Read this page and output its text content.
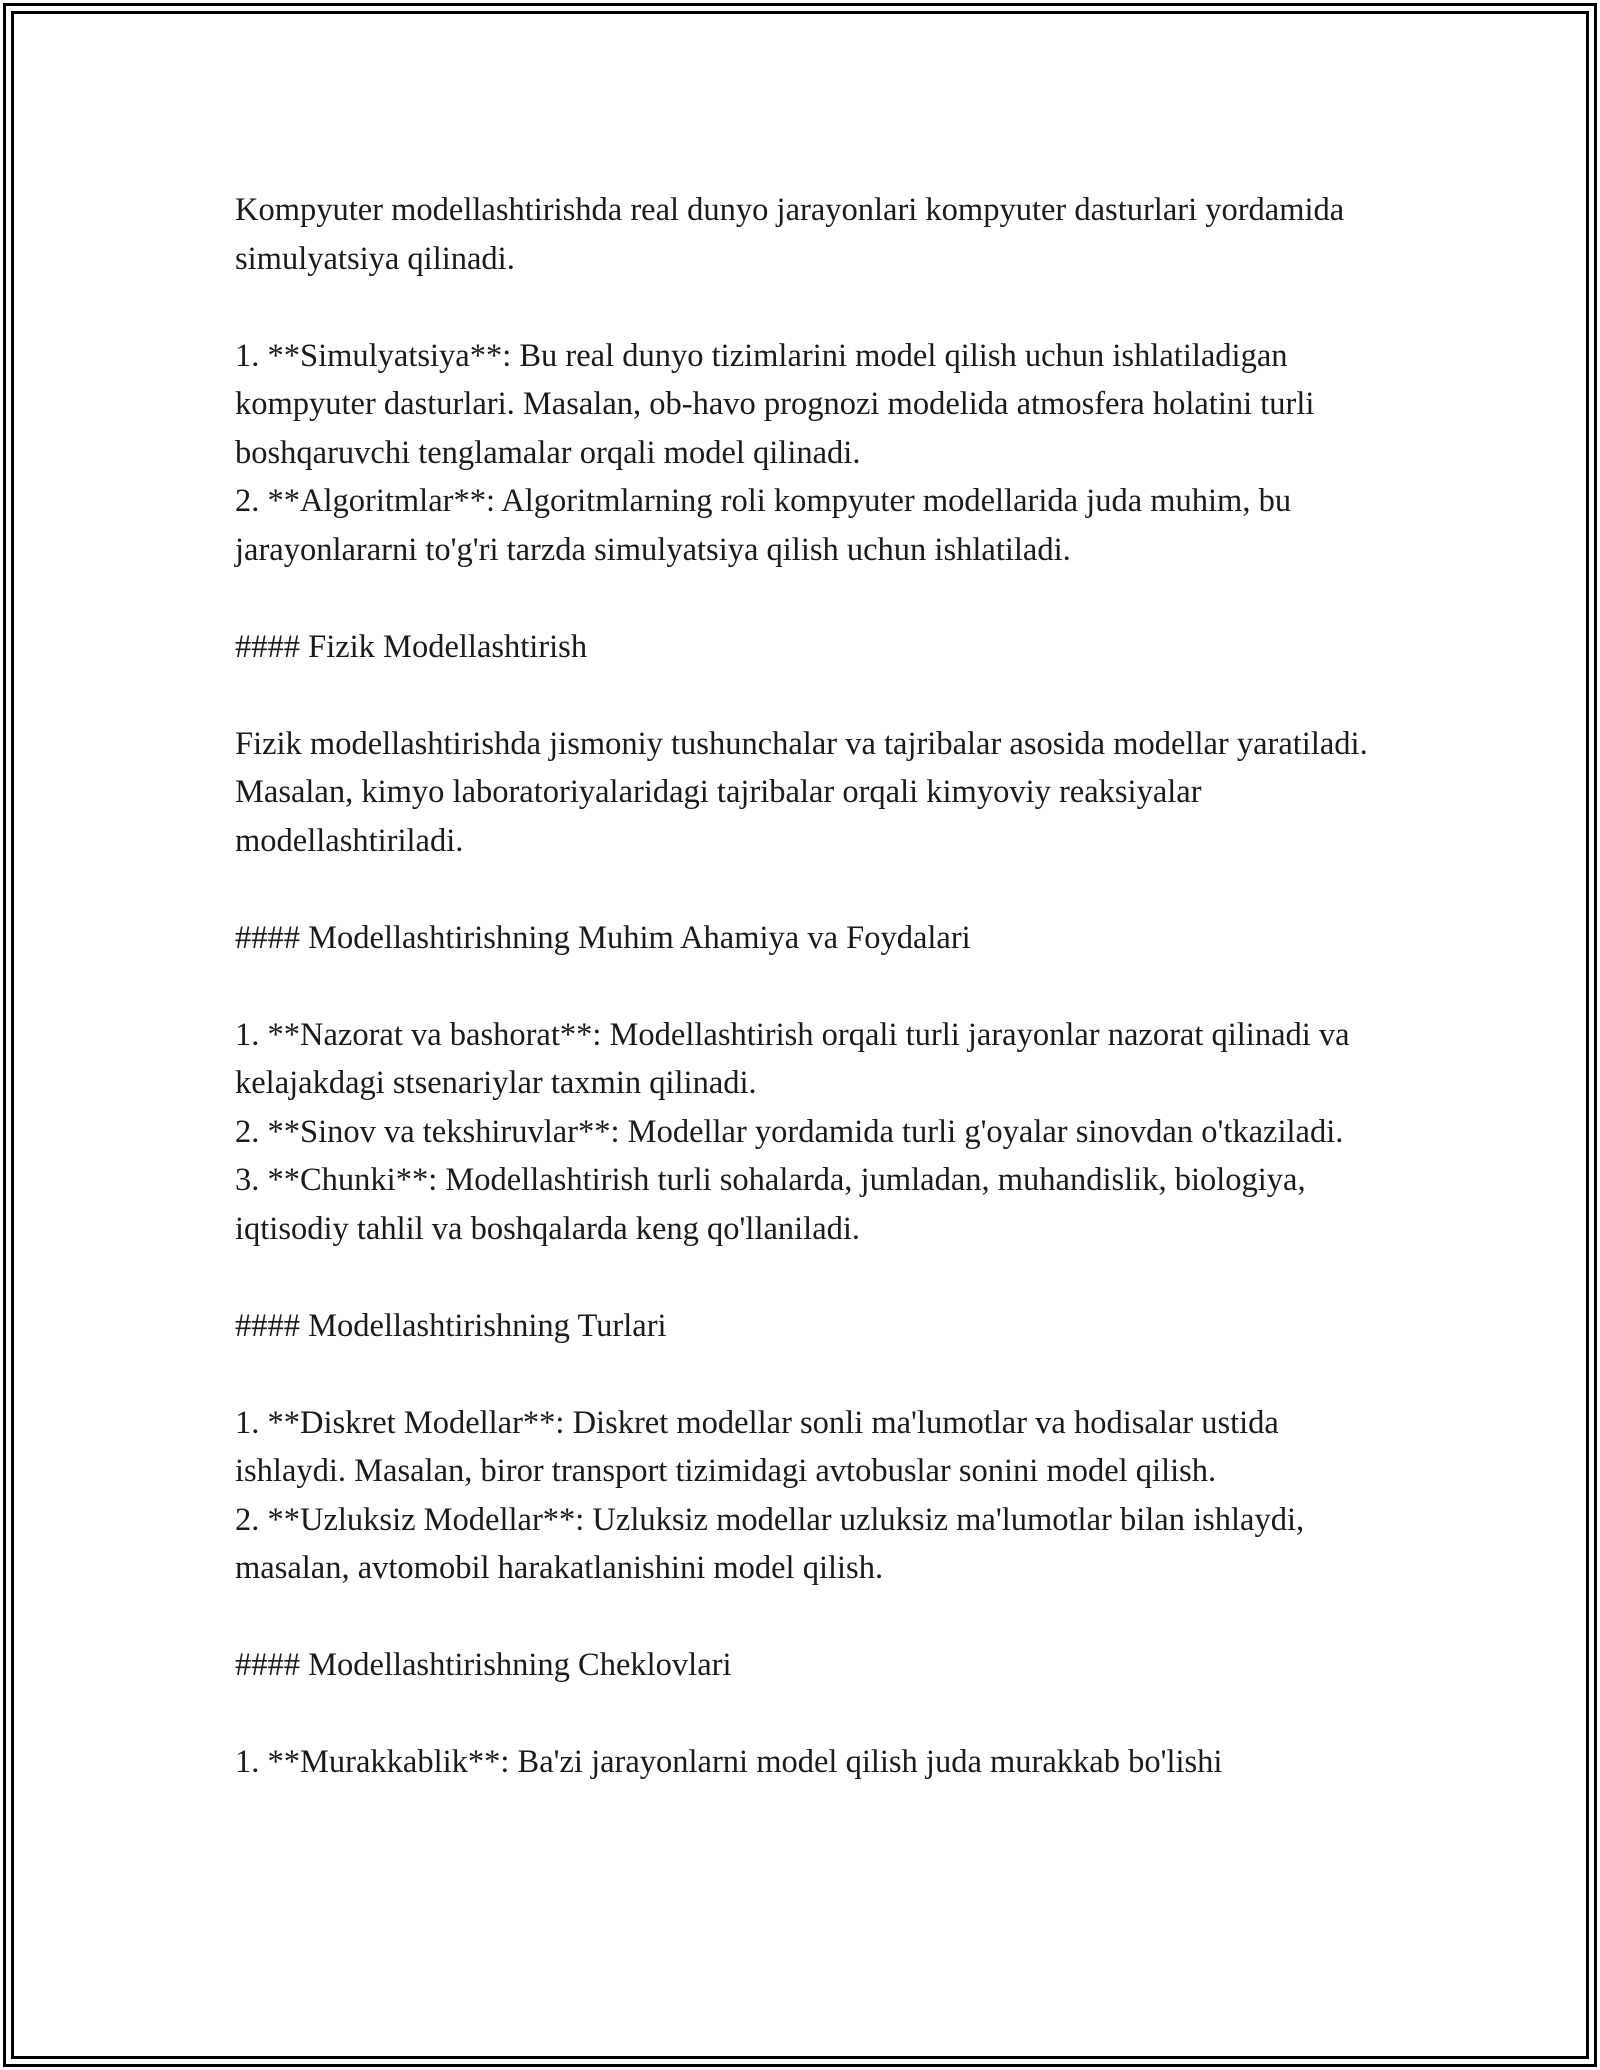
Kompyuter modellashtirishda real dunyo jarayonlari kompyuter dasturlari yordamida simulyatsiya qilinadi.

1. **Simulyatsiya**: Bu real dunyo tizimlarini model qilish uchun ishlatiladigan kompyuter dasturlari. Masalan, ob-havo prognozi modelida atmosfera holatini turli boshqaruvchi tenglamalar orqali model qilinadi.

2. **Algoritmlar**: Algoritmlarning roli kompyuter modellarida juda muhim, bu jarayonlararni to'g'ri tarzda simulyatsiya qilish uchun ishlatiladi.

#### Fizik Modellashtirish

Fizik modellashtirishda jismoniy tushunchalar va tajribalar asosida modellar yaratiladi. Masalan, kimyo laboratoriyalaridagi tajribalar orqali kimyoviy reaksiyalar modellashtiriladi.

#### Modellashtirishning Muhim Ahamiya va Foydalari

1. **Nazorat va bashorat**: Modellashtirish orqali turli jarayonlar nazorat qilinadi va kelajakdagi stsenariylar taxmin qilinadi.

2. **Sinov va tekshiruvlar**: Modellar yordamida turli g'oyalar sinovdan o'tkaziladi.

3. **Chunki**: Modellashtirish turli sohalarda, jumladan, muhandislik, biologiya, iqtisodiy tahlil va boshqalarda keng qo'llaniladi.

#### Modellashtirishning Turlari

1. **Diskret Modellar**: Diskret modellar sonli ma'lumotlar va hodisalar ustida ishlaydi. Masalan, biror transport tizimidagi avtobuslar sonini model qilish.

2. **Uzluksiz Modellar**: Uzluksiz modellar uzluksiz ma'lumotlar bilan ishlaydi, masalan, avtomobil harakatlanishini model qilish.

#### Modellashtirishning Cheklovlari

1. **Murakkablik**: Ba'zi jarayonlarni model qilish juda murakkab bo'lishi
